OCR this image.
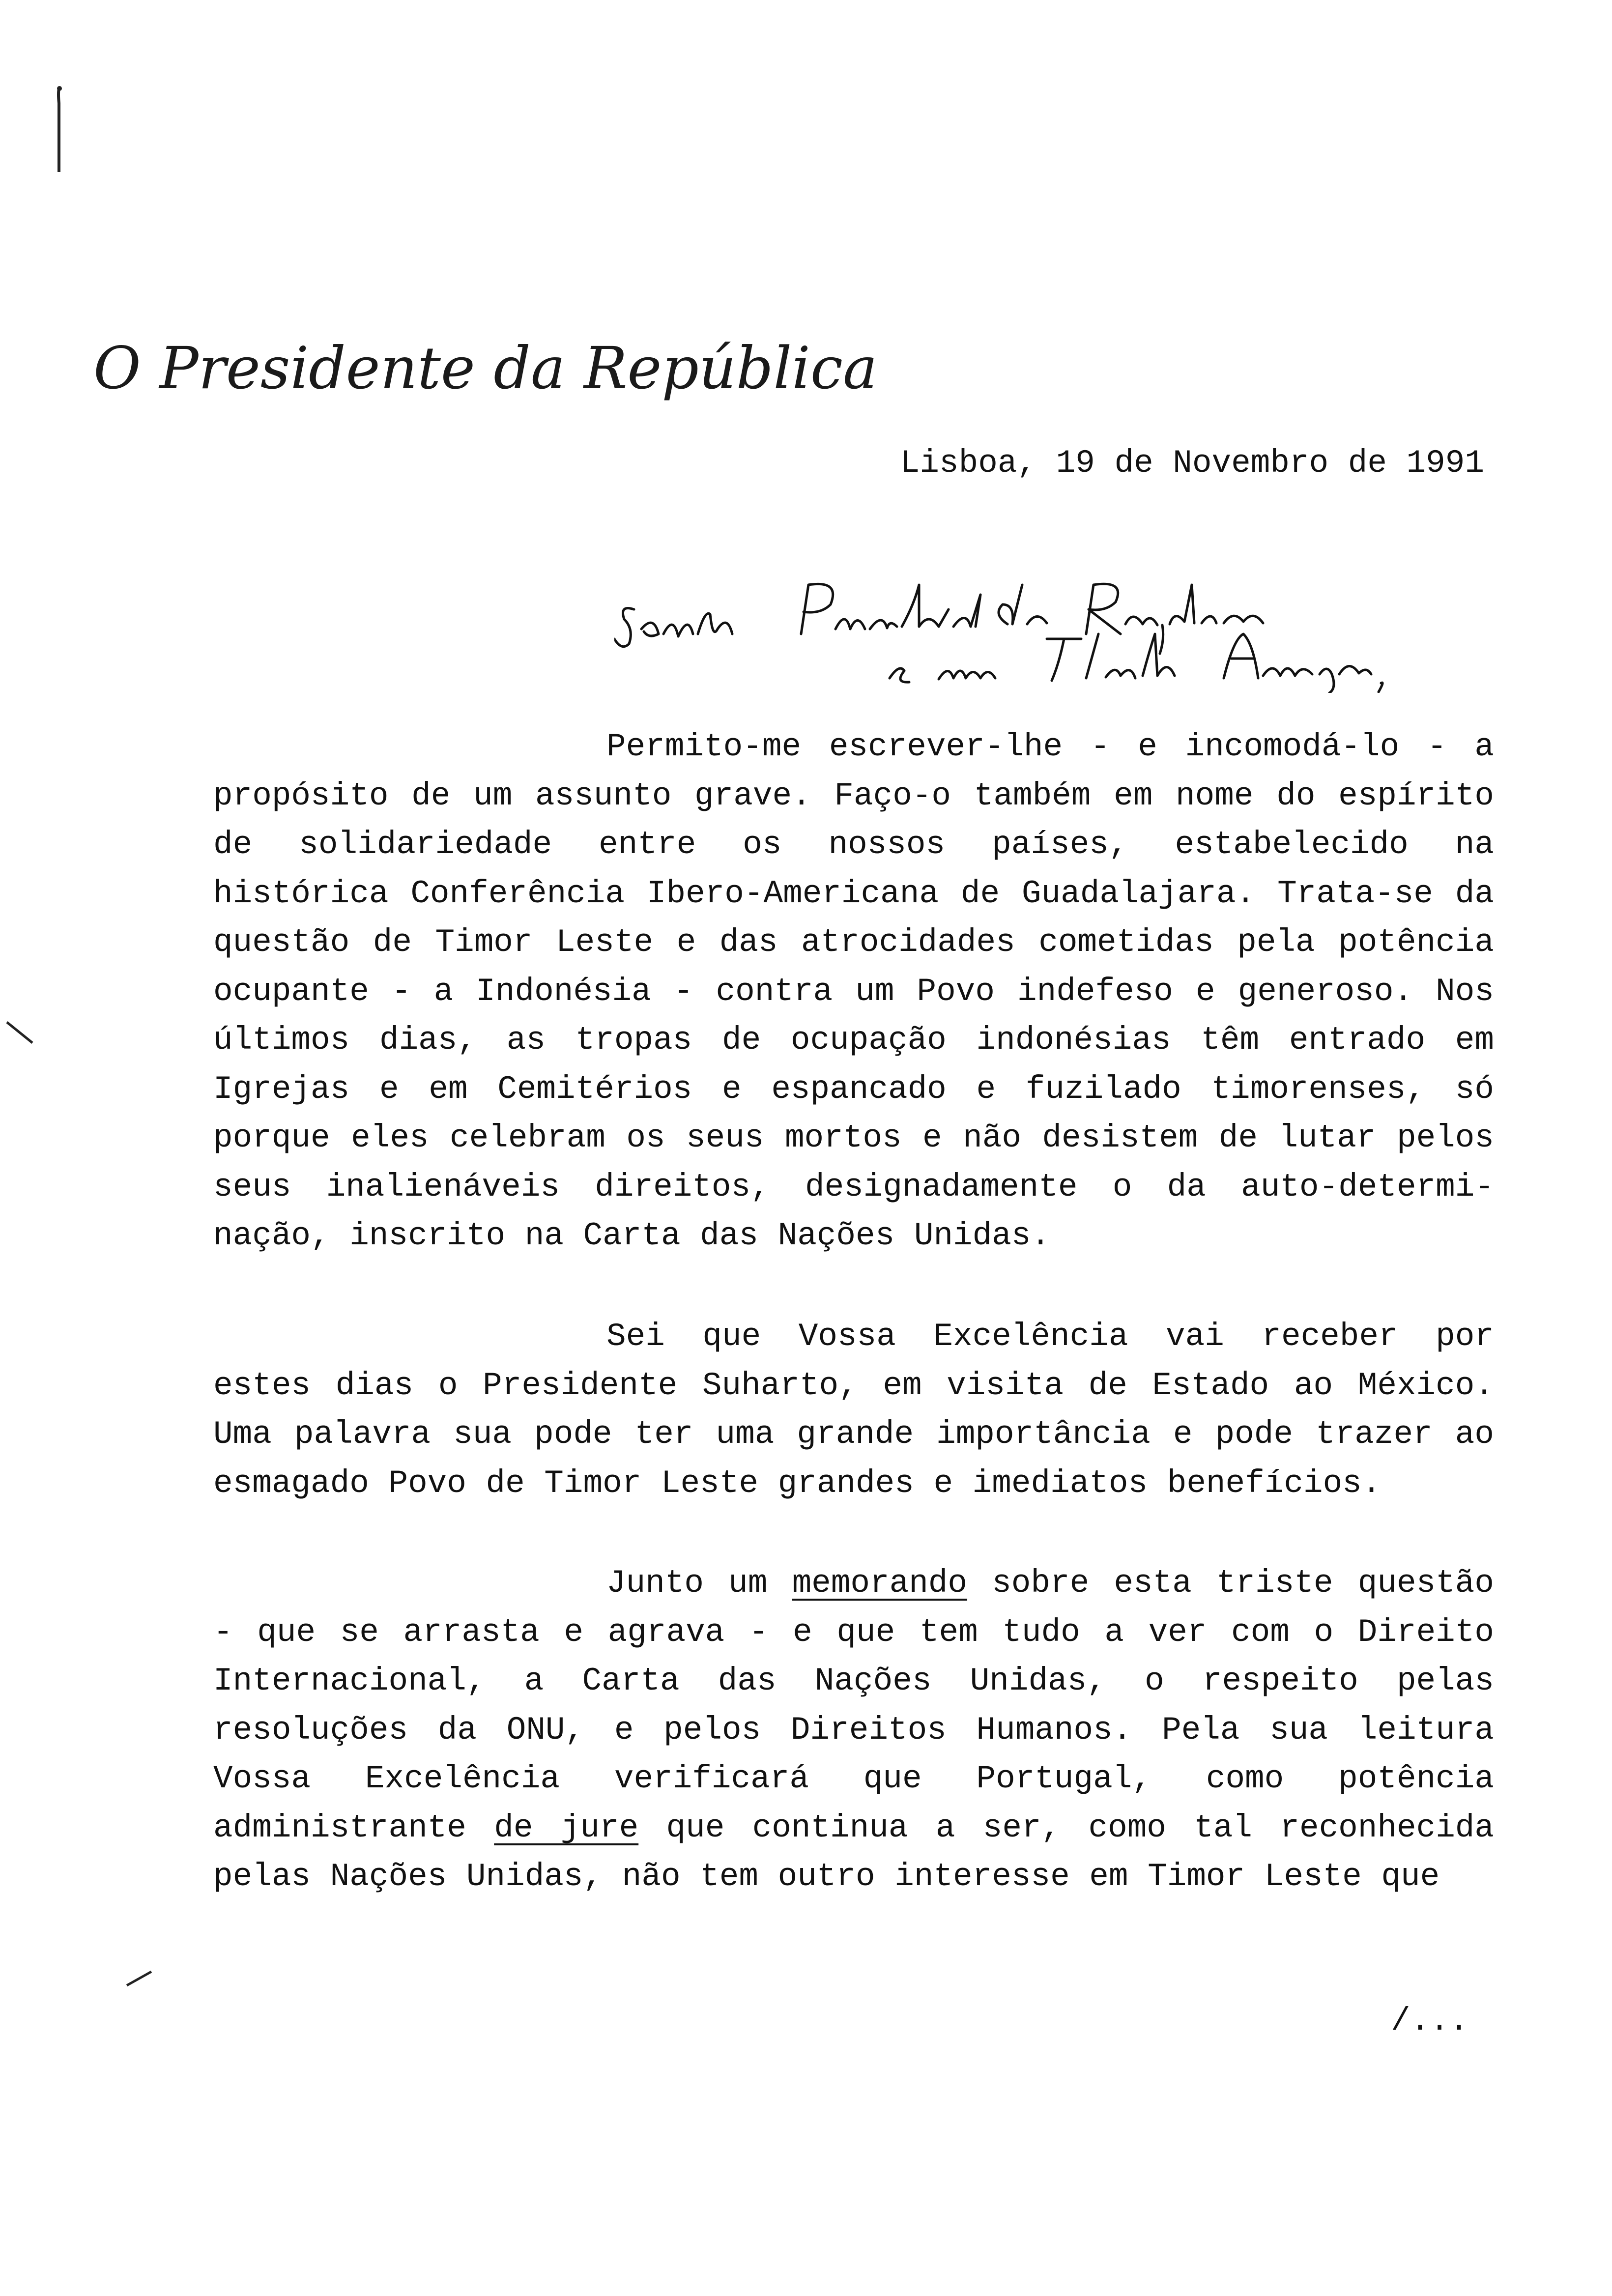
O Presidente da República
Lisboa, 19 de Novembro de 1991
Permito-me escrever-lhe - e incomodá-lo - a propósito de um assunto grave. Faço-o também em nome do espírito de solidariedade entre os nossos países, estabelecido na histórica Conferência Ibero-Americana de Guadalajara. Trata-se da questão de Timor Leste e das atrocidades cometidas pela potência ocupante - a Indonésia - contra um Povo indefeso e generoso. Nos últimos dias, as tropas de ocupação indonésias têm entrado em Igrejas e em Cemitérios e espancado e fuzilado timorenses, só porque eles celebram os seus mortos e não desistem de lutar pelos seus inalienáveis direitos, designadamente o da auto-determi-nação, inscrito na Carta das Nações Unidas.
Sei que Vossa Excelência vai receber por estes dias o Presidente Suharto, em visita de Estado ao México. Uma palavra sua pode ter uma grande importância e pode trazer ao esmagado Povo de Timor Leste grandes e imediatos benefícios.
Junto um memorando sobre esta triste questão - que se arrasta e agrava - e que tem tudo a ver com o Direito Internacional, a Carta das Nações Unidas, o respeito pelas resoluções da ONU, e pelos Direitos Humanos. Pela sua leitura Vossa Excelência verificará que Portugal, como potência administrante de jure que continua a ser, como tal reconhecida pelas Nações Unidas, não tem outro interesse em Timor Leste que
/...
